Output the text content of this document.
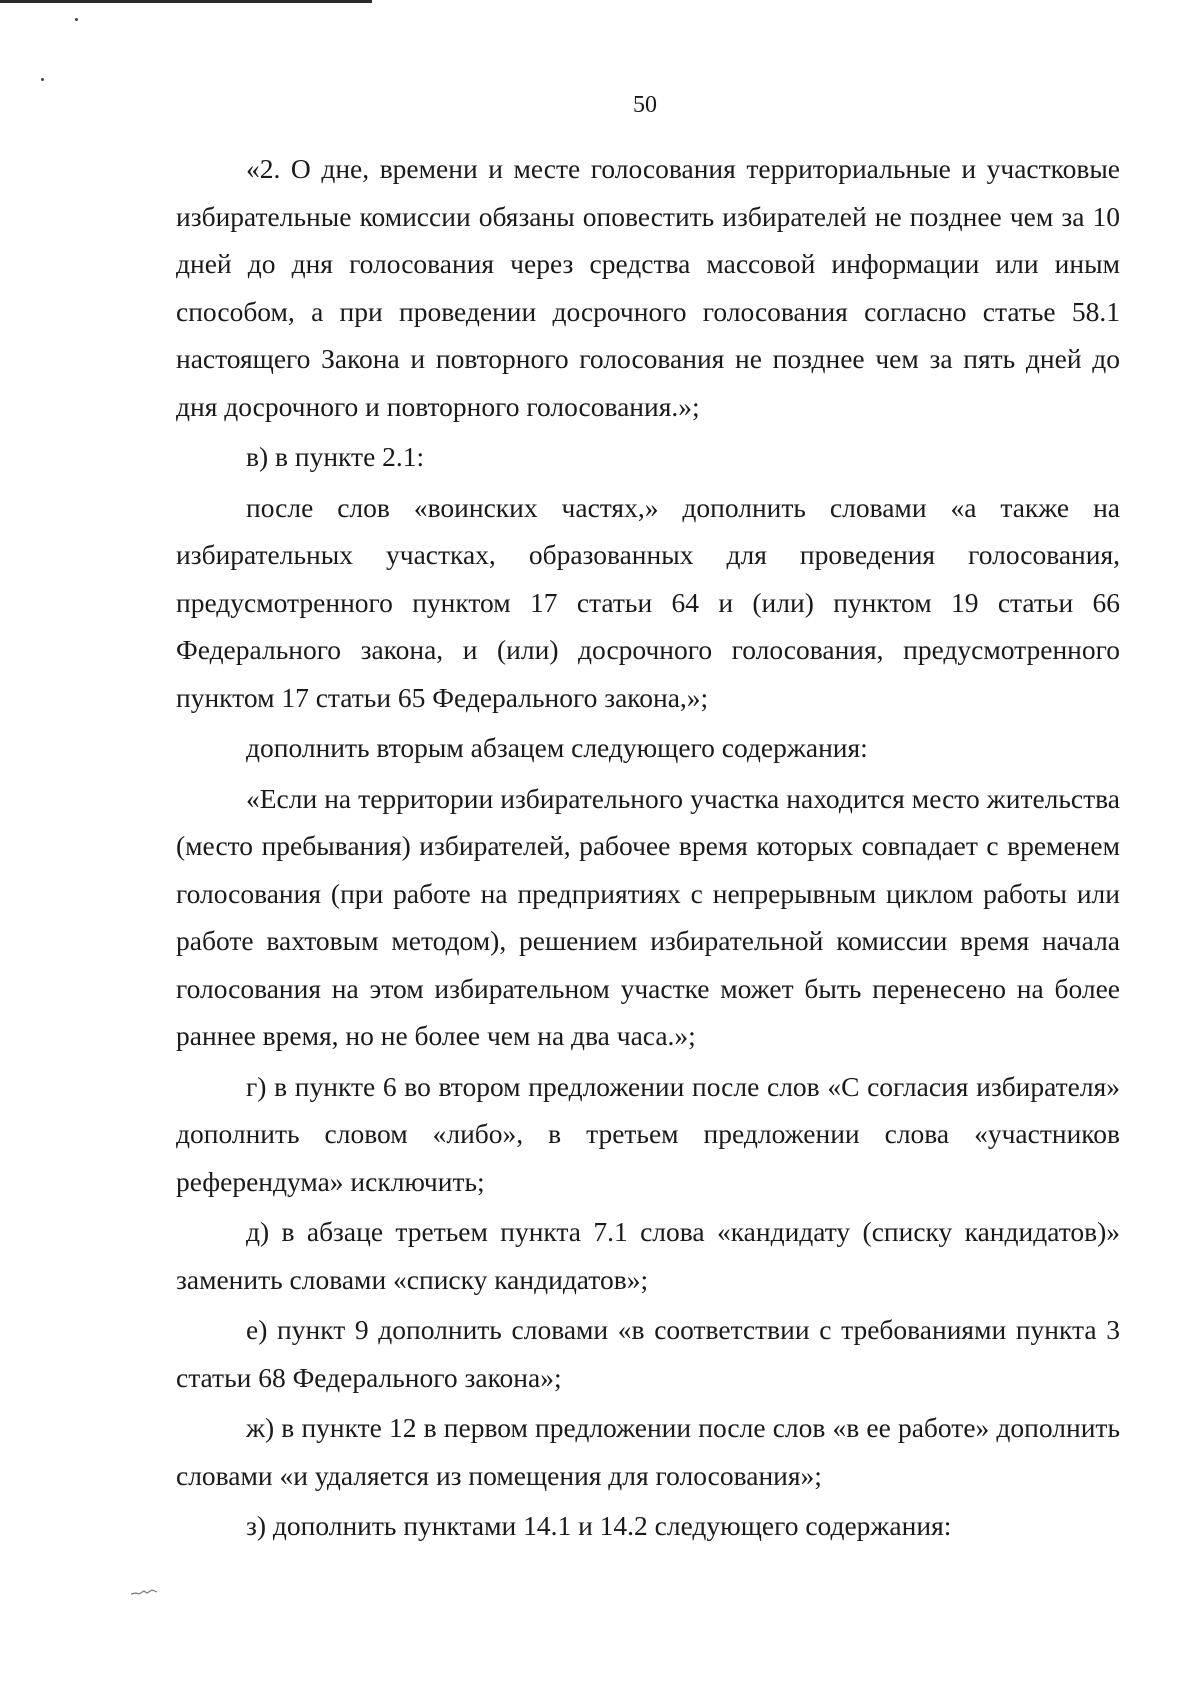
50

«2. О дне, времени и месте голосования территориальные и участковые избирательные комиссии обязаны оповестить избирателей не позднее чем за 10 дней до дня голосования через средства массовой информации или иным способом, а при проведении досрочного голосования согласно статье 58.1 настоящего Закона и повторного голосования не позднее чем за пять дней до дня досрочного и повторного голосования.»;

в) в пункте 2.1:

после слов «воинских частях,» дополнить словами «а также на избирательных участках, образованных для проведения голосования, предусмотренного пунктом 17 статьи 64 и (или) пунктом 19 статьи 66 Федерального закона, и (или) досрочного голосования, предусмотренного пунктом 17 статьи 65 Федерального закона,»;

дополнить вторым абзацем следующего содержания:

«Если на территории избирательного участка находится место жительства (место пребывания) избирателей, рабочее время которых совпадает с временем голосования (при работе на предприятиях с непрерывным циклом работы или работе вахтовым методом), решением избирательной комиссии время начала голосования на этом избирательном участке может быть перенесено на более раннее время, но не более чем на два часа.»;

г) в пункте 6 во втором предложении после слов «С согласия избирателя» дополнить словом «либо», в третьем предложении слова «участников референдума» исключить;

д) в абзаце третьем пункта 7.1 слова «кандидату (списку кандидатов)» заменить словами «списку кандидатов»;

е) пункт 9 дополнить словами «в соответствии с требованиями пункта 3 статьи 68 Федерального закона»;

ж) в пункте 12 в первом предложении после слов «в ее работе» дополнить словами «и удаляется из помещения для голосования»;

з) дополнить пунктами 14.1 и 14.2 следующего содержания:
